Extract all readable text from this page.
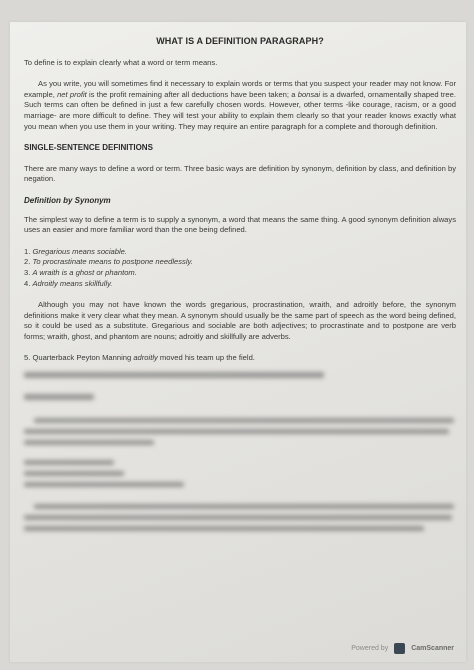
WHAT IS A DEFINITION PARAGRAPH?

To define is to explain clearly what a word or term means.

As you write, you will sometimes find it necessary to explain words or terms that you suspect your reader may not know. For example, net profit is the profit remaining after all deductions have been taken; a bonsai is a dwarfed, ornamentally shaped tree. Such terms can often be defined in just a few carefully chosen words. However, other terms -like courage, racism, or a good marriage- are more difficult to define. They will test your ability to explain them clearly so that your reader knows exactly what you mean when you use them in your writing. They may require an entire paragraph for a complete and thorough definition.

SINGLE-SENTENCE DEFINITIONS

There are many ways to define a word or term. Three basic ways are definition by synonym, definition by class, and definition by negation.

Definition by Synonym

The simplest way to define a term is to supply a synonym, a word that means the same thing. A good synonym definition always uses an easier and more familiar word than the one being defined.

1. Gregarious means sociable.
2. To procrastinate means to postpone needlessly.
3. A wraith is a ghost or phantom.
4. Adroitly means skillfully.

Although you may not have known the words gregarious, procrastination, wraith, and adroitly before, the synonym definitions make it very clear what they mean. A synonym should usually be the same part of speech as the word being defined, so it could be used as a substitute. Gregarious and sociable are both adjectives; to procrastinate and to postpone are verb forms; wraith, ghost, and phantom are nouns; adroitly and skillfully are adverbs.

5. Quarterback Peyton Manning adroitly moved his team up the field.

Powered by	CamScanner
